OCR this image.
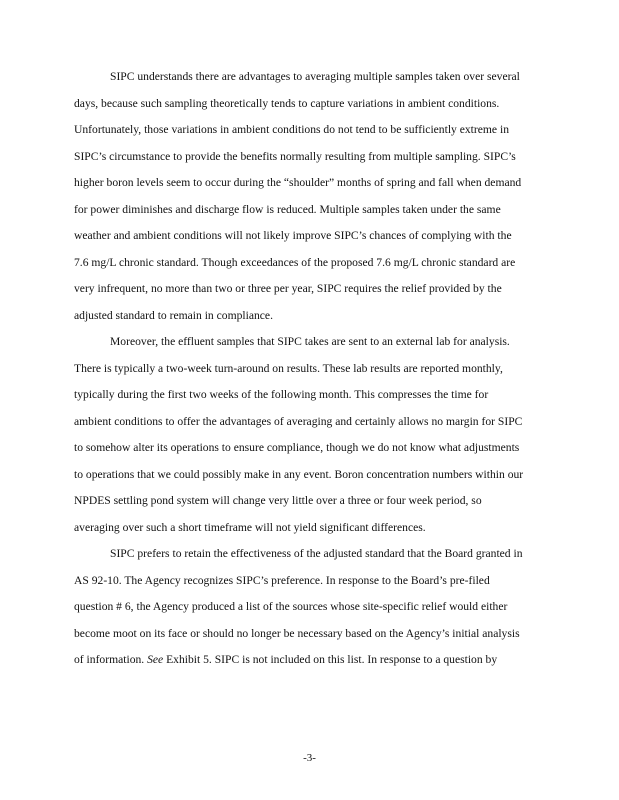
SIPC understands there are advantages to averaging multiple samples taken over several
days, because such sampling theoretically tends to capture variations in ambient conditions.
Unfortunately, those variations in ambient conditions do not tend to be sufficiently extreme in
SIPC’s circumstance to provide the benefits normally resulting from multiple sampling. SIPC’s
higher boron levels seem to occur during the “shoulder” months of spring and fall when demand
for power diminishes and discharge flow is reduced. Multiple samples taken under the same
weather and ambient conditions will not likely improve SIPC’s chances of complying with the
7.6 mg/L chronic standard. Though exceedances of the proposed 7.6 mg/L chronic standard are
very infrequent, no more than two or three per year, SIPC requires the relief provided by the
adjusted standard to remain in compliance.
Moreover, the effluent samples that SIPC takes are sent to an external lab for analysis.
There is typically a two-week turn-around on results. These lab results are reported monthly,
typically during the first two weeks of the following month. This compresses the time for
ambient conditions to offer the advantages of averaging and certainly allows no margin for SIPC
to somehow alter its operations to ensure compliance, though we do not know what adjustments
to operations that we could possibly make in any event. Boron concentration numbers within our
NPDES settling pond system will change very little over a three or four week period, so
averaging over such a short timeframe will not yield significant differences.
SIPC prefers to retain the effectiveness of the adjusted standard that the Board granted in
AS 92-10. The Agency recognizes SIPC’s preference. In response to the Board’s pre-filed
question # 6, the Agency produced a list of the sources whose site-specific relief would either
become moot on its face or should no longer be necessary based on the Agency’s initial analysis
of information. See Exhibit 5. SIPC is not included on this list. In response to a question by
-3-
